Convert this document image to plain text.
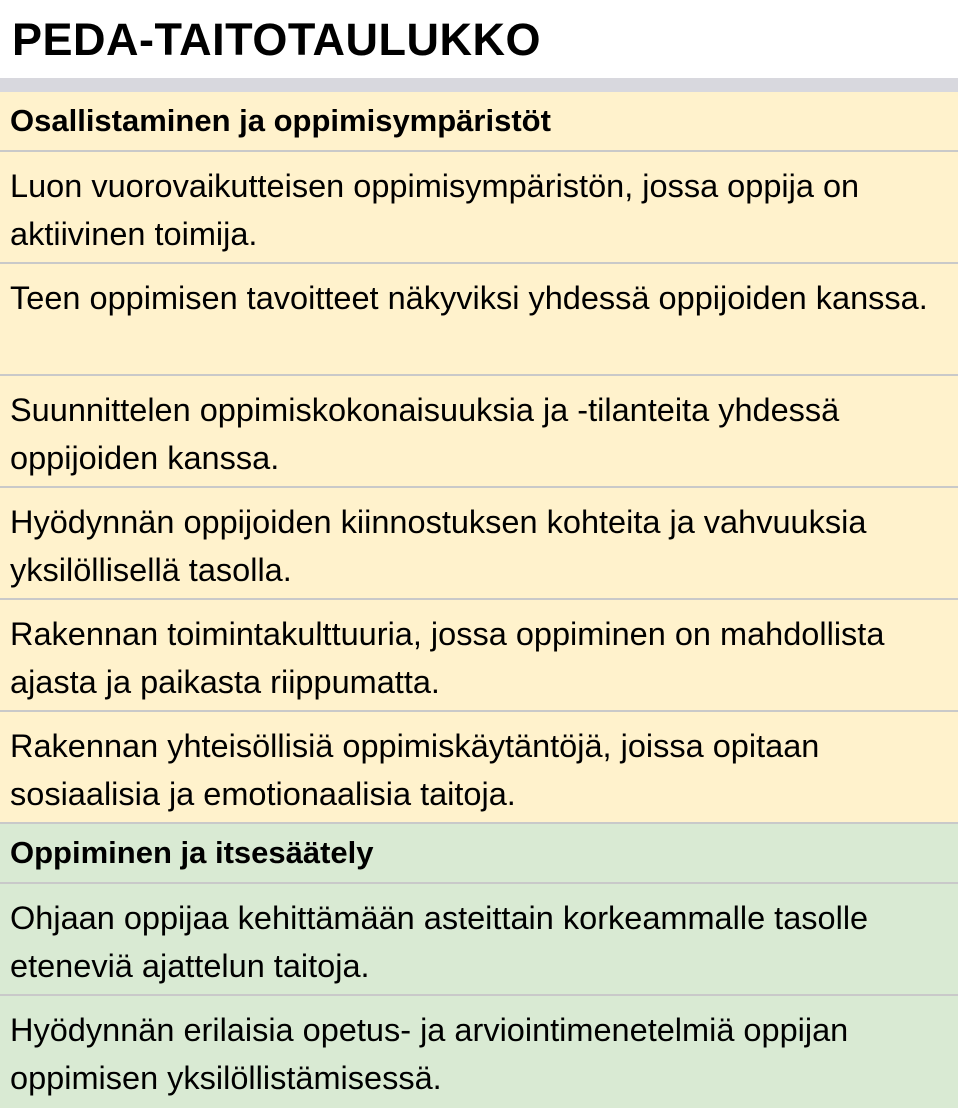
PEDA-TAITOTAULUKKO
Osallistaminen ja oppimisympäristöt
Luon vuorovaikutteisen oppimisympäristön, jossa oppija on aktiivinen toimija.
Teen oppimisen tavoitteet näkyviksi yhdessä oppijoiden kanssa.
Suunnittelen oppimiskokonaisuuksia ja -tilanteita yhdessä oppijoiden kanssa.
Hyödynnän oppijoiden kiinnostuksen kohteita ja vahvuuksia yksilöllisellä tasolla.
Rakennan toimintakulttuuria, jossa oppiminen on mahdollista ajasta ja paikasta riippumatta.
Rakennan yhteisöllisiä oppimiskäytäntöjä, joissa opitaan sosiaalisia ja emotionaalisia taitoja.
Oppiminen ja itsesäätely
Ohjaan oppijaa kehittämään asteittain korkeammalle tasolle eteneviä ajattelun taitoja.
Hyödynnän erilaisia opetus- ja arviointimenetelmiä oppijan oppimisen yksilöllistämisessä.
